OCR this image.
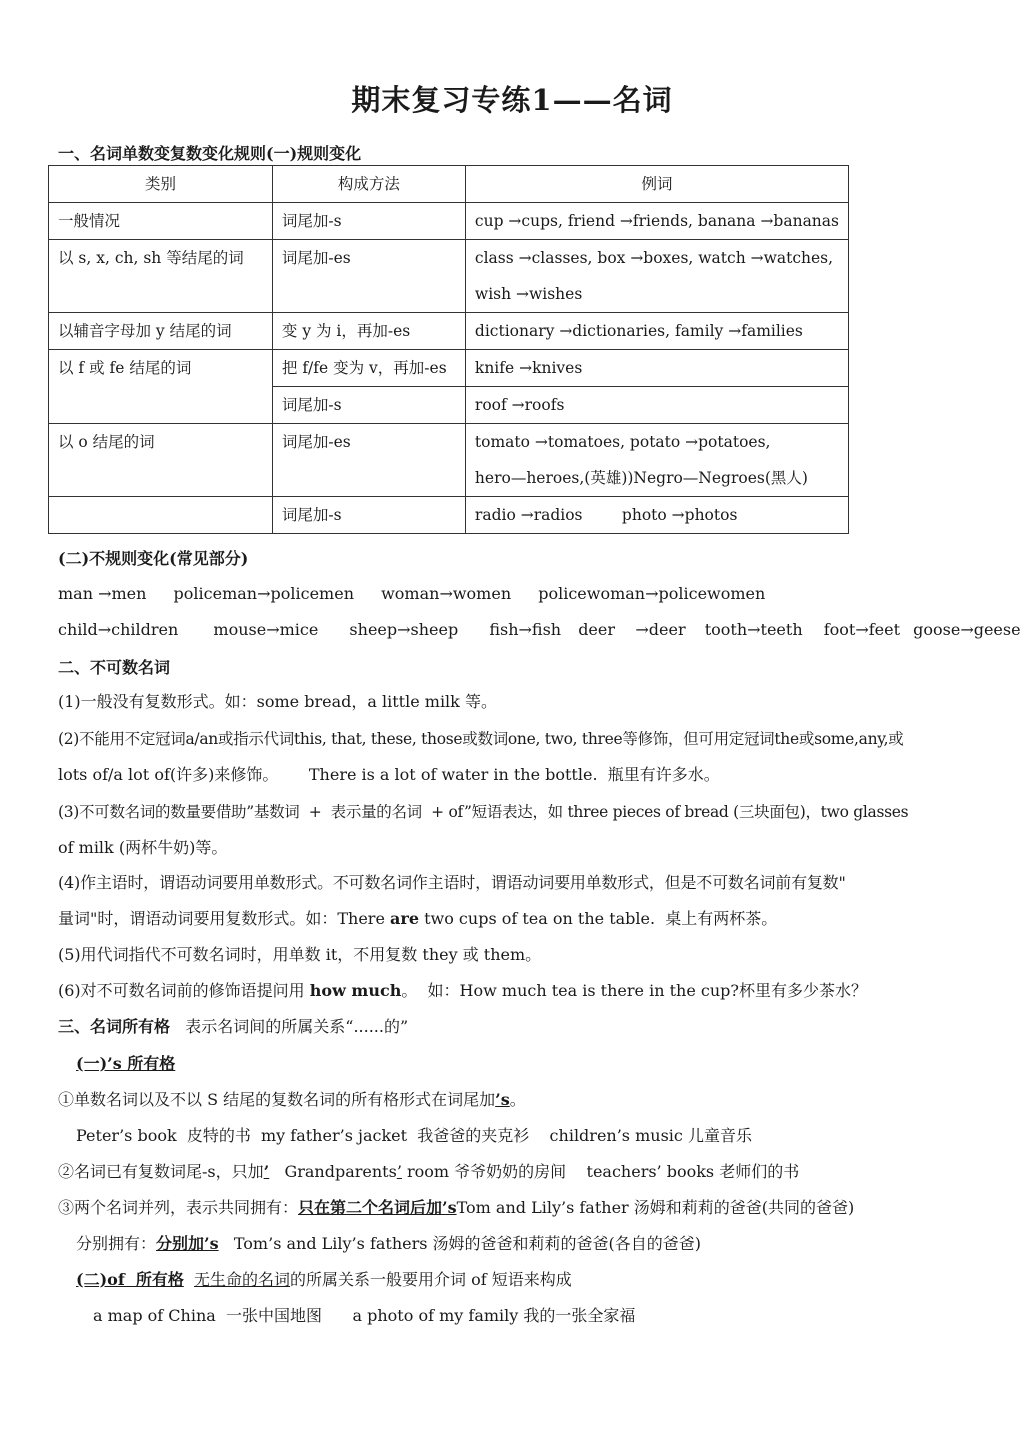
期末复习专练1——名词
一、名词单数变复数变化规则(一)规则变化
类别	构成方法	例词
一般情况	词尾加-s	cup →cups, friend →friends, banana →bananas
以 s, x, ch, sh 等结尾的词	词尾加-es	class →classes, box →boxes, watch →watches, wish →wishes
以辅音字母加 y 结尾的词	变 y 为 i，再加-es	dictionary →dictionaries, family →families
以 f 或 fe 结尾的词	把 f/fe 变为 v，再加-es	knife →knives
	词尾加-s	roof →roofs
以 o 结尾的词	词尾加-es	tomato →tomatoes, potato →potatoes,
hero—heroes,(英雄))Negro—Negroes(黑人)

	词尾加-s	radio →radios        photo →photos
(二)不规则变化(常见部分)
man →men policeman→policemen woman→women policewoman→policewomen
child→children mouse→mice sheep→sheep fish→fish deer    →deer tooth→teeth foot→feet goose→geese
二、不可数名词
(1)一般没有复数形式。如：some bread，a little milk 等。
(2)不能用不定冠词a/an或指示代词this, that, these, those或数词one, two, three等修饰，但可用定冠词the或some,any,或
lots of/a lot of(许多)来修饰。      There is a lot of water in the bottle.  瓶里有许多水。
(3)不可数名词的数量要借助”基数词  +  表示量的名词  + of”短语表达，如 three pieces of bread (三块面包)，two glasses
of milk (两杯牛奶)等。
(4)作主语时，谓语动词要用单数形式。不可数名词作主语时，谓语动词要用单数形式，但是不可数名词前有复数"
量词"时，谓语动词要用复数形式。如：There are two cups of tea on the table.  桌上有两杯茶。
(5)用代词指代不可数名词时，用单数 it，不用复数 they 或 them。
(6)对不可数名词前的修饰语提问用 how much。  如：How much tea is there in the cup?杯里有多少茶水？
三、名词所有格   表示名词间的所属关系“......的”
(一)’s 所有格
①单数名词以及不以 S 结尾的复数名词的所有格形式在词尾加’s。
Peter’s book  皮特的书  my father’s jacket  我爸爸的夹克衫    children’s music 儿童音乐
②名词已有复数词尾-s，只加’   Grandparents’ room 爷爷奶奶的房间    teachers’ books 老师们的书
③两个名词并列，表示共同拥有：只在第二个名词后加’sTom and Lily’s father 汤姆和莉莉的爸爸(共同的爸爸)
分别拥有：分别加’s   Tom’s and Lily’s fathers 汤姆的爸爸和莉莉的爸爸(各自的爸爸)
(二)of  所有格 无生命的名词的所属关系一般要用介词 of 短语来构成
a map of China  一张中国地图      a photo of my family 我的一张全家福
